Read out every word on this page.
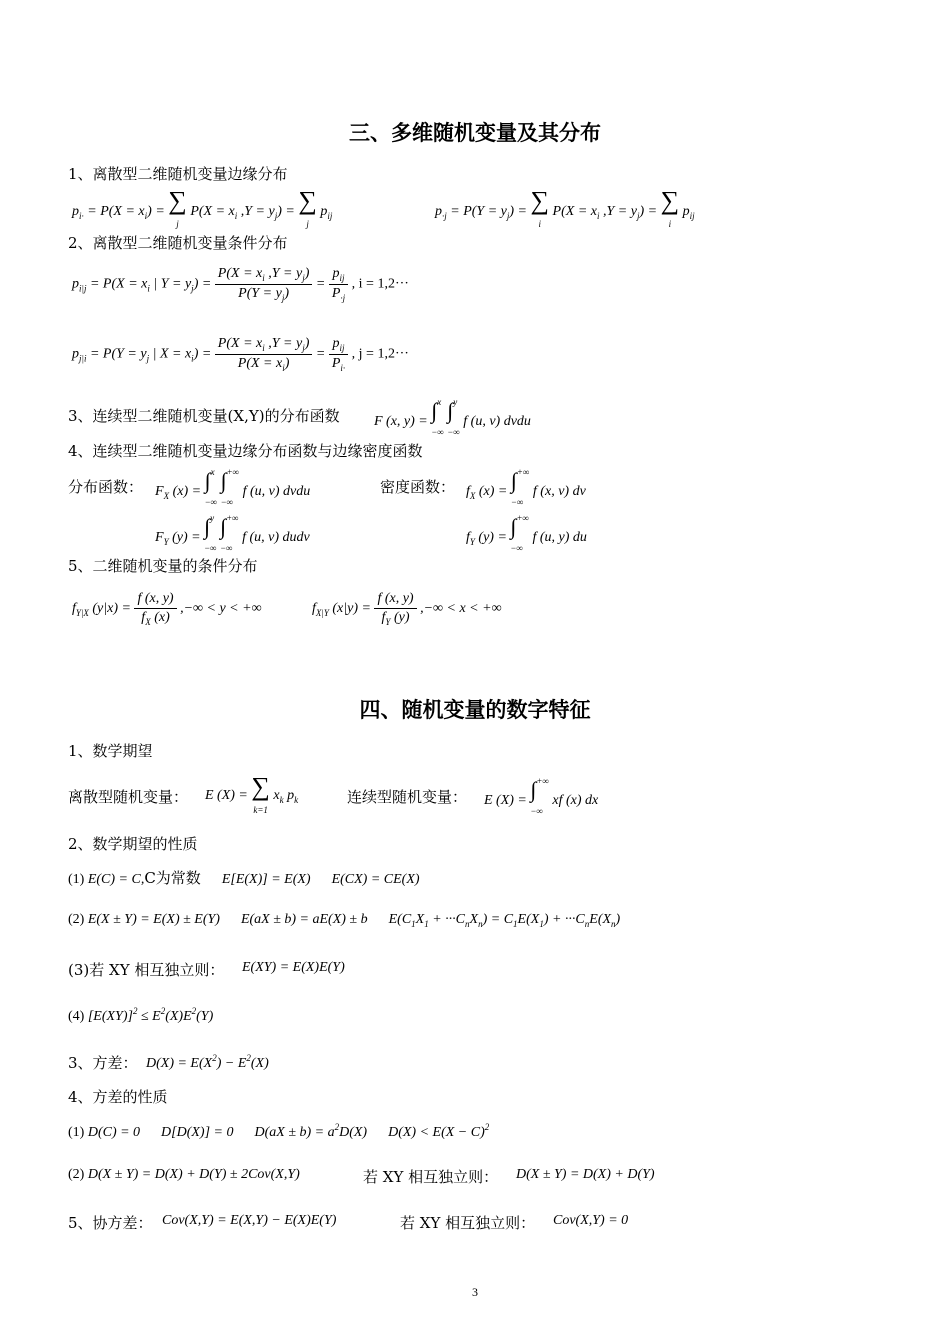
三、多维随机变量及其分布
1、离散型二维随机变量边缘分布
$p_{i\cdot} = P(X = x_i)$ = ∑
j $P(X = x_i$ $,Y = y_j$) = ∑
j $p_{ij}$	$p_{\cdot j} = P(Y = y_j)$ = ∑
i $P(X = x_i$ $,Y = y_j$) = ∑
i $p_{ij}$
2、离散型二维随机变量条件分布
$p_{i|j} = P(X = x_i$ | $Y = y_j) = \frac{P(X = x_i ,Y = y_j)}{P(Y = y_j)} = \frac{p_{ij}}{P_{\cdot j}}$ , i = 1,2···
$p_{j|i} = P(Y = y_j$ | $X = x_i) = \frac{P(X = x_i ,Y = y_j)}{P(X = x_i)} = \frac{p_{ij}}{P_{i\cdot}}$ , j = 1,2···
3、连续型二维随机变量(X,Y)的分布函数 F (x, y) = ∫$^x$
−∞ ∫$^y$
−∞ f (u, v) dvdu
4、连续型二维随机变量边缘分布函数与边缘密度函数
分布函数： $F_X$ (x) = ∫$^x$
−∞ ∫+∞
−∞ f (u, v) dvdu	密度函数： $f_X$ (x) = ∫+∞
−∞ f (x, v) dv
$F_Y$ (y) = ∫$^y$
−∞ ∫+∞
−∞ f (u, v) dudv	$f_Y$ (y) = ∫+∞
−∞ f (u, y) du
5、二维随机变量的条件分布
$f_{Y|X}$ $(y|x) = \frac{f (x, y)}{f_X (x)}$ ,−∞ < y < +∞	$f_{X|Y}$ $(x|y) = \frac{f (x, y)}{f_Y (y)}$ ,−∞ < x < +∞
四、随机变量的数字特征
1、数学期望
离散型随机变量： E (X) = ∑
k=1 $x_k$ $p_k$	连续型随机变量： E (X) = ∫+∞
−∞ xf (x) dx
2、数学期望的性质
(1) E(C) = C,C为常数      E[E(X)] = E(X)      E(CX) = CE(X)
(2) E(X ± Y) = E(X) ± E(Y)      E(aX ± b) = aE(X) ± b      $E(C_1X_1 + \cdot\cdot\cdot C_nX_n) = C_1E(X_1) + \cdot\cdot\cdot C_nE(X_n)$
(3)若 XY 相互独立则： E(XY) = E(X)E(Y)
(4) $[E(XY)]^2 \le E^2(X)E^2(Y)$
3、方差： $D(X) = E(X^2) - E^2(X)$
4、方差的性质
(1) D(C) = 0      D[D(X)] = 0      $D(aX \pm b) = a^2D(X)$      $D(X) < E(X - C)^2$
(2) D(X ± Y) = D(X) + D(Y) ± 2Cov(X,Y)	若 XY 相互独立则： D(X ± Y) = D(X) + D(Y)
5、协方差： Cov(X,Y) = E(X,Y) − E(X)E(Y)	若 XY 相互独立则： Cov(X,Y) = 0
3
